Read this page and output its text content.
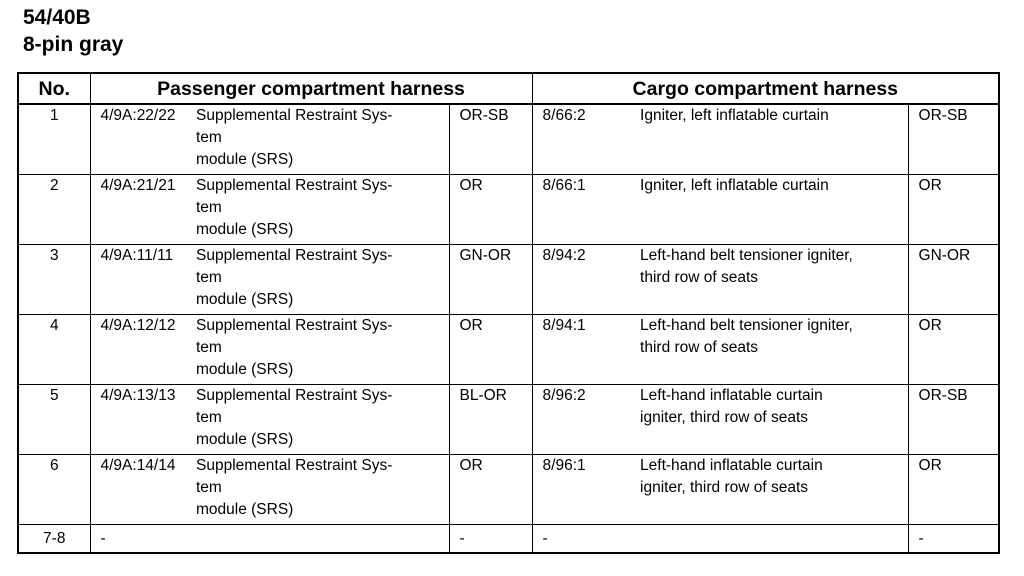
54/40B
8-pin gray
No.	Passenger compartment harness			Cargo compartment harness		
1	4/9A:22/22	Supplemental Restraint Sys-
tem
module (SRS)	OR-SB	8/66:2	Igniter, left inflatable curtain	OR-SB
2	4/9A:21/21	Supplemental Restraint Sys-
tem
module (SRS)	OR	8/66:1	Igniter, left inflatable curtain	OR
3	4/9A:11/11	Supplemental Restraint Sys-
tem
module (SRS)	GN-OR	8/94:2	Left-hand belt tensioner igniter,
third row of seats	GN-OR
4	4/9A:12/12	Supplemental Restraint Sys-
tem
module (SRS)	OR	8/94:1	Left-hand belt tensioner igniter,
third row of seats	OR
5	4/9A:13/13	Supplemental Restraint Sys-
tem
module (SRS)	BL-OR	8/96:2	Left-hand inflatable curtain
igniter, third row of seats	OR-SB
6	4/9A:14/14	Supplemental Restraint Sys-
tem
module (SRS)	OR	8/96:1	Left-hand inflatable curtain
igniter, third row of seats	OR
7-8	-		-	-		-
